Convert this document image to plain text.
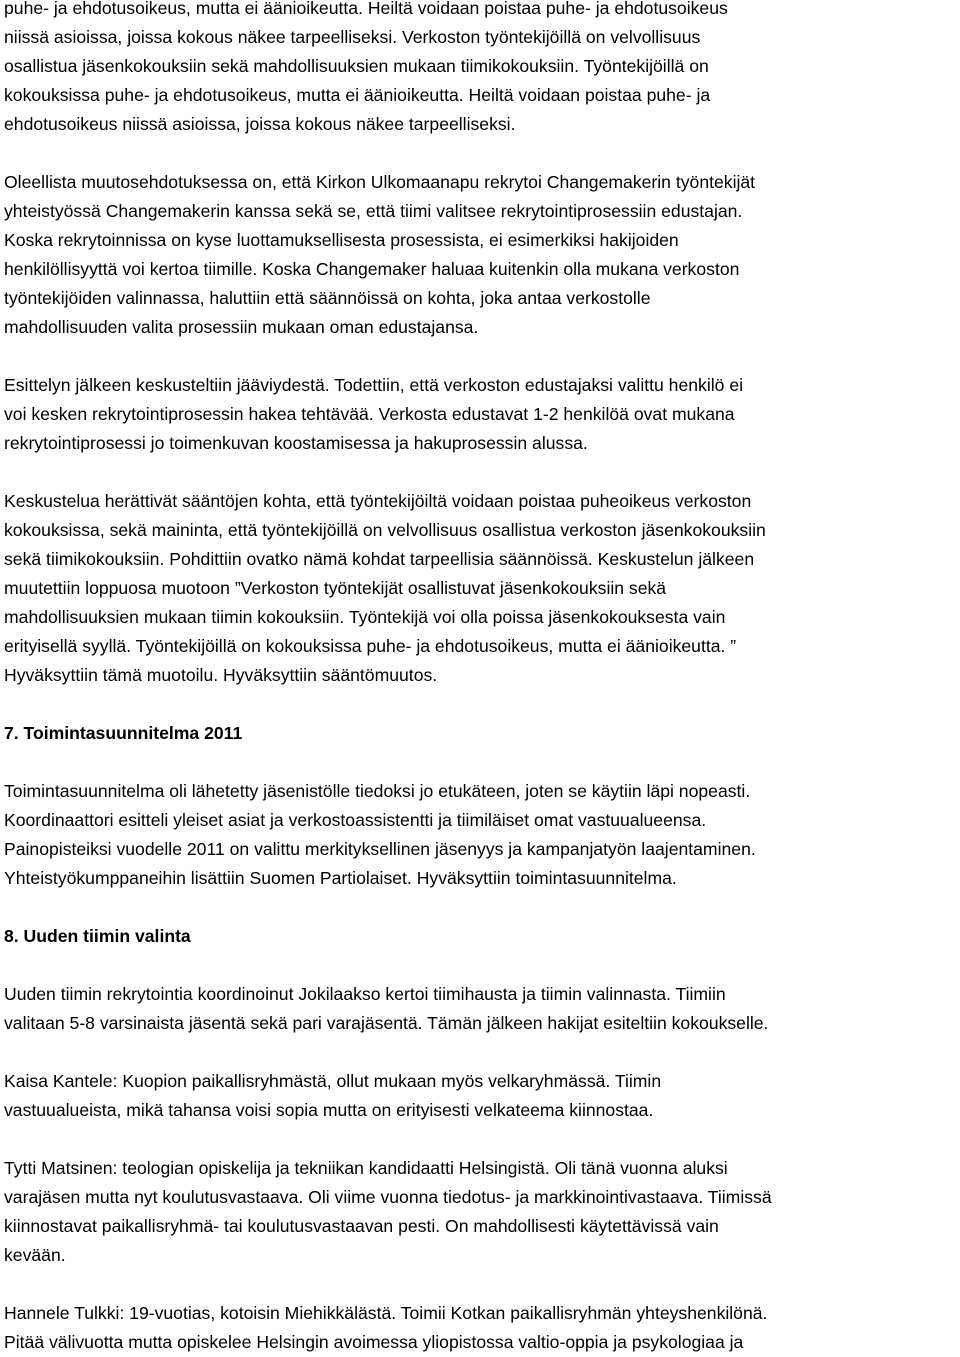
puhe- ja ehdotusoikeus, mutta ei äänioikeutta. Heiltä voidaan poistaa puhe- ja ehdotusoikeus
niissä asioissa, joissa kokous näkee tarpeelliseksi. Verkoston työntekijöillä on velvollisuus
osallistua jäsenkokouksiin sekä mahdollisuuksien mukaan tiimikokouksiin. Työntekijöillä on
kokouksissa puhe- ja ehdotusoikeus, mutta ei äänioikeutta. Heiltä voidaan poistaa puhe- ja
ehdotusoikeus niissä asioissa, joissa kokous näkee tarpeelliseksi.

Oleellista muutosehdotuksessa on, että Kirkon Ulkomaanapu rekrytoi Changemakerin työntekijät
yhteistyössä Changemakerin kanssa sekä se, että tiimi valitsee rekrytointiprosessiin edustajan.
Koska rekrytoinnissa on kyse luottamuksellisesta prosessista, ei esimerkiksi hakijoiden
henkilöllisyyttä voi kertoa tiimille. Koska Changemaker haluaa kuitenkin olla mukana verkoston
työntekijöiden valinnassa, haluttiin että säännöissä on kohta, joka antaa verkostolle
mahdollisuuden valita prosessiin mukaan oman edustajansa.

Esittelyn jälkeen keskusteltiin jääviydestä. Todettiin, että verkoston edustajaksi valittu henkilö ei
voi kesken rekrytointiprosessin hakea tehtävää. Verkosta edustavat 1-2 henkilöä ovat mukana
rekrytointiprosessi jo toimenkuvan koostamisessa ja hakuprosessin alussa.

Keskustelua herättivät sääntöjen kohta, että työntekijöiltä voidaan poistaa puheoikeus verkoston
kokouksissa, sekä maininta, että työntekijöillä on velvollisuus osallistua verkoston jäsenkokouksiin
sekä tiimikokouksiin. Pohdittiin ovatko nämä kohdat tarpeellisia säännöissä. Keskustelun jälkeen
muutettiin loppuosa muotoon ”Verkoston työntekijät osallistuvat jäsenkokouksiin sekä
mahdollisuuksien mukaan tiimin kokouksiin. Työntekijä voi olla poissa jäsenkokouksesta vain
erityisellä syyllä. Työntekijöillä on kokouksissa puhe- ja ehdotusoikeus, mutta ei äänioikeutta. ”
Hyväksyttiin tämä muotoilu. Hyväksyttiin sääntömuutos.

7. Toimintasuunnitelma 2011

Toimintasuunnitelma oli lähetetty jäsenistölle tiedoksi jo etukäteen, joten se käytiin läpi nopeasti.
Koordinaattori esitteli yleiset asiat ja verkostoassistentti ja tiimiläiset omat vastuualueensa.
Painopisteiksi vuodelle 2011 on valittu merkityksellinen jäsenyys ja kampanjatyön laajentaminen.
Yhteistyökumppaneihin lisättiin Suomen Partiolaiset. Hyväksyttiin toimintasuunnitelma.

8. Uuden tiimin valinta

Uuden tiimin rekrytointia koordinoinut Jokilaakso kertoi tiimihausta ja tiimin valinnasta. Tiimiin
valitaan 5-8 varsinaista jäsentä sekä pari varajäsentä. Tämän jälkeen hakijat esiteltiin kokoukselle.

Kaisa Kantele: Kuopion paikallisryhmästä, ollut mukaan myös velkaryhmässä. Tiimin
vastuualueista, mikä tahansa voisi sopia mutta on erityisesti velkateema kiinnostaa.

Tytti Matsinen: teologian opiskelija ja tekniikan kandidaatti Helsingistä. Oli tänä vuonna aluksi
varajäsen mutta nyt koulutusvastaava. Oli viime vuonna tiedotus- ja markkinointivastaava. Tiimissä
kiinnostavat paikallisryhmä- tai koulutusvastaavan pesti. On mahdollisesti käytettävissä vain
kevään.

Hannele Tulkki: 19-vuotias, kotoisin Miehikkälästä. Toimii Kotkan paikallisryhmän yhteyshenkilönä.
Pitää välivuotta mutta opiskelee Helsingin avoimessa yliopistossa valtio-oppia ja psykologiaa ja
